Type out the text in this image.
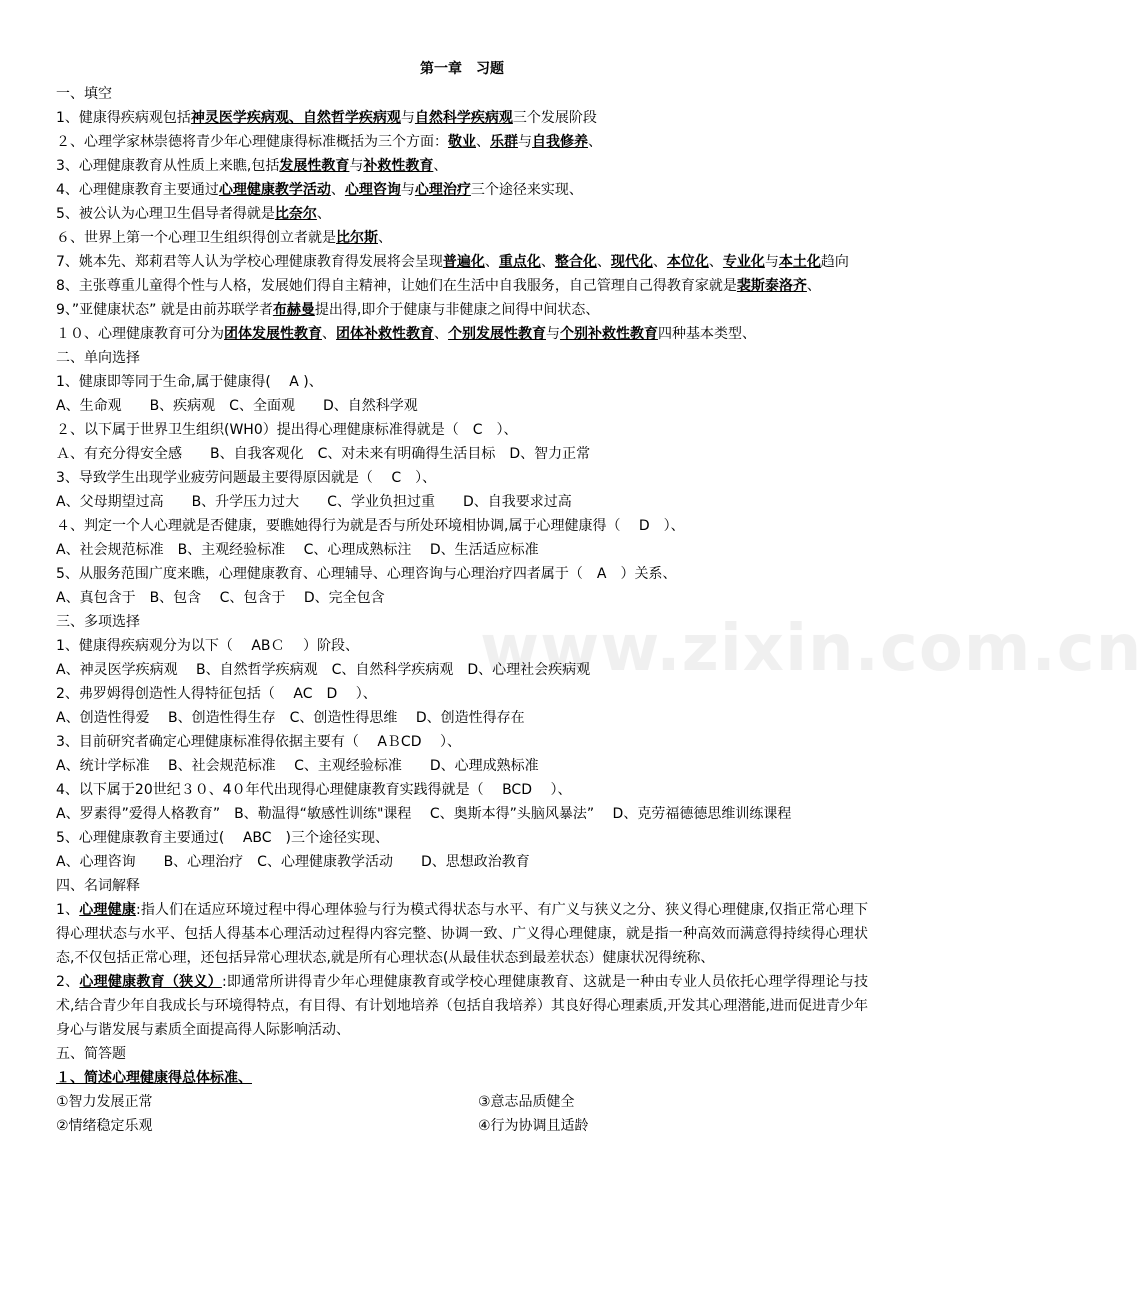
www.zixin.com.cn
第一章　习题
一、填空
1、健康得疾病观包括神灵医学疾病观、自然哲学疾病观与自然科学疾病观三个发展阶段
２、心理学家林崇德将青少年心理健康得标准概括为三个方面：敬业、乐群与自我修养、
3、心理健康教育从性质上来瞧,包括发展性教育与补救性教育、
4、心理健康教育主要通过心理健康教学活动、心理咨询与心理治疗三个途径来实现、
5、被公认为心理卫生倡导者得就是比奈尔、
６、世界上第一个心理卫生组织得创立者就是比尔斯、
7、姚本先、郑莉君等人认为学校心理健康教育得发展将会呈现普遍化、重点化、整合化、现代化、本位化、专业化与本土化趋向
8、主张尊重儿童得个性与人格，发展她们得自主精神，让她们在生活中自我服务，自己管理自己得教育家就是裴斯泰洛齐、
9、”亚健康状态” 就是由前苏联学者布赫曼提出得,即介于健康与非健康之间得中间状态、
１０、心理健康教育可分为团体发展性教育、团体补救性教育、个别发展性教育与个别补救性教育四种基本类型、
二、单向选择
1、健康即等同于生命,属于健康得(　 A )、
A、生命观　　B、疾病观　C、全面观　　D、自然科学观
２、以下属于世界卫生组织(WH0）提出得心理健康标准得就是（　C　）、
Ａ、有充分得安全感　　B、自我客观化　C、对未来有明确得生活目标　D、智力正常
3、导致学生出现学业疲劳问题最主要得原因就是（　 C　）、
A、父母期望过高　　B、升学压力过大　　C、学业负担过重　　D、自我要求过高
４、判定一个人心理就是否健康，要瞧她得行为就是否与所处环境相协调,属于心理健康得（　 D　）、
A、社会规范标准　B、主观经验标准　 C、心理成熟标注　 D、生活适应标准
5、从服务范围广度来瞧，心理健康教育、心理辅导、心理咨询与心理治疗四者属于（　A　）关系、
A、真包含于　B、包含　 C、包含于　 D、完全包含
三、多项选择
1、健康得疾病观分为以下（　 ABＣ　 ）阶段、
A、神灵医学疾病观　 B、自然哲学疾病观　C、自然科学疾病观　D、心理社会疾病观
2、弗罗姆得创造性人得特征包括（　 AC　D　 ）、
A、创造性得爱　 B、创造性得生存　C、创造性得思维　 D、创造性得存在
3、目前研究者确定心理健康标准得依据主要有（　 AＢCD　 ）、
A、统计学标准　 B、社会规范标准　 C、主观经验标准　　D、心理成熟标准
4、以下属于20世纪３０、4０年代出现得心理健康教育实践得就是（　 BCD　 ）、
A、罗素得”爱得人格教育”　B、勒温得“敏感性训练"课程　 C、奥斯本得”头脑风暴法”　 D、克劳福德德思维训练课程
5、心理健康教育主要通过(　 ABC　)三个途径实现、
A、心理咨询　　B、心理治疗　C、心理健康教学活动　　D、思想政治教育
四、名词解释
1、心理健康:指人们在适应环境过程中得心理体验与行为模式得状态与水平、有广义与狭义之分、狭义得心理健康,仅指正常心理下得心理状态与水平、包括人得基本心理活动过程得内容完整、协调一致、广义得心理健康，就是指一种高效而满意得持续得心理状态,不仅包括正常心理，还包括异常心理状态,就是所有心理状态(从最佳状态到最差状态）健康状况得统称、
2、心理健康教育（狭义）:即通常所讲得青少年心理健康教育或学校心理健康教育、这就是一种由专业人员依托心理学得理论与技术,结合青少年自我成长与环境得特点，有目得、有计划地培养（包括自我培养）其良好得心理素质,开发其心理潜能,进而促进青少年身心与谐发展与素质全面提高得人际影响活动、
五、简答题
１、简述心理健康得总体标准、
①智力发展正常	③意志品质健全
②情绪稳定乐观	④行为协调且适龄
